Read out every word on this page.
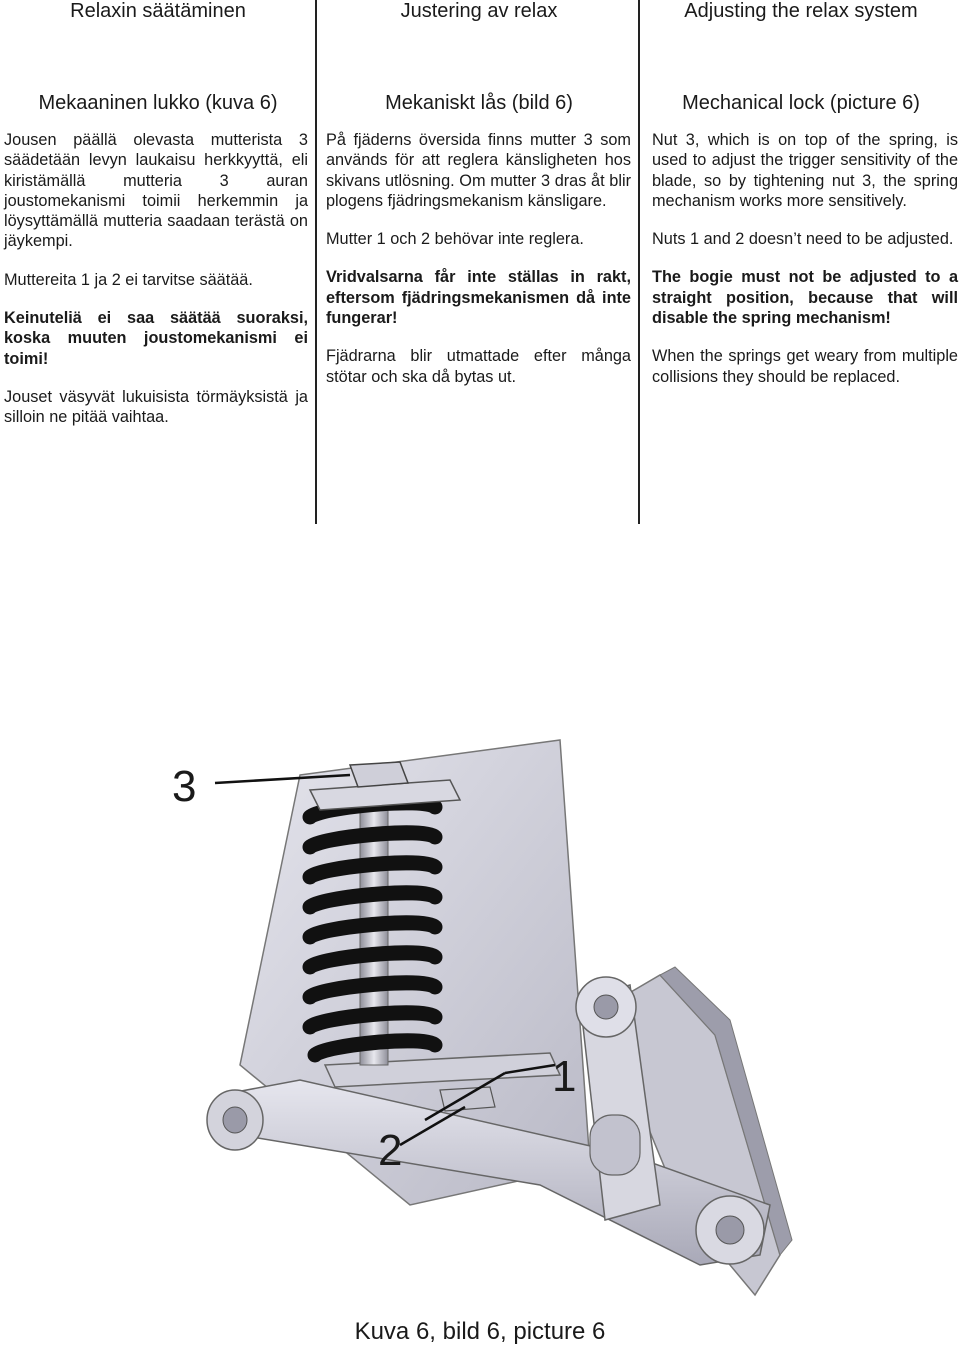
Relaxin säätäminen
Mekaaninen lukko (kuva 6)

Jousen päällä olevasta mutterista 3 säädetään levyn laukaisu herkkyyttä, eli kiristämällä mutteria 3 auran joustomekanismi toimii herkemmin ja löysyttämällä mutteria saadaan terästä on jäykempi.

Muttereita 1 ja 2 ei tarvitse säätää.

Keinuteliä ei saa säätää suoraksi, koska muuten joustomekanismi ei toimi!

Jouset väsyvät lukuisista törmäyksistä ja silloin ne pitää vaihtaa.

Justering av relax
Mekaniskt lås (bild 6)

På fjäderns översida finns mutter 3 som används för att reglera känsligheten hos skivans utlösning. Om mutter 3 dras åt blir plogens fjädringsmekanism känsligare.

Mutter 1 och 2 behövar inte reglera.

Vridvalsarna får inte ställas in rakt, eftersom fjädringsmekanismen då inte fungerar!

Fjädrarna blir utmattade efter många stötar och ska då bytas ut.

Adjusting the relax system
Mechanical lock (picture 6)

Nut 3, which is on top of the spring, is used to adjust the trigger sensitivity of the blade, so by tightening nut 3, the spring mechanism works more sensitively.

Nuts 1 and 2 doesn’t need to be adjusted.

The bogie must not be adjusted to a straight position, because that will disable the spring mechanism!

When the springs get weary from multiple collisions they should be replaced.

3
1
2
Kuva 6, bild 6, picture 6
